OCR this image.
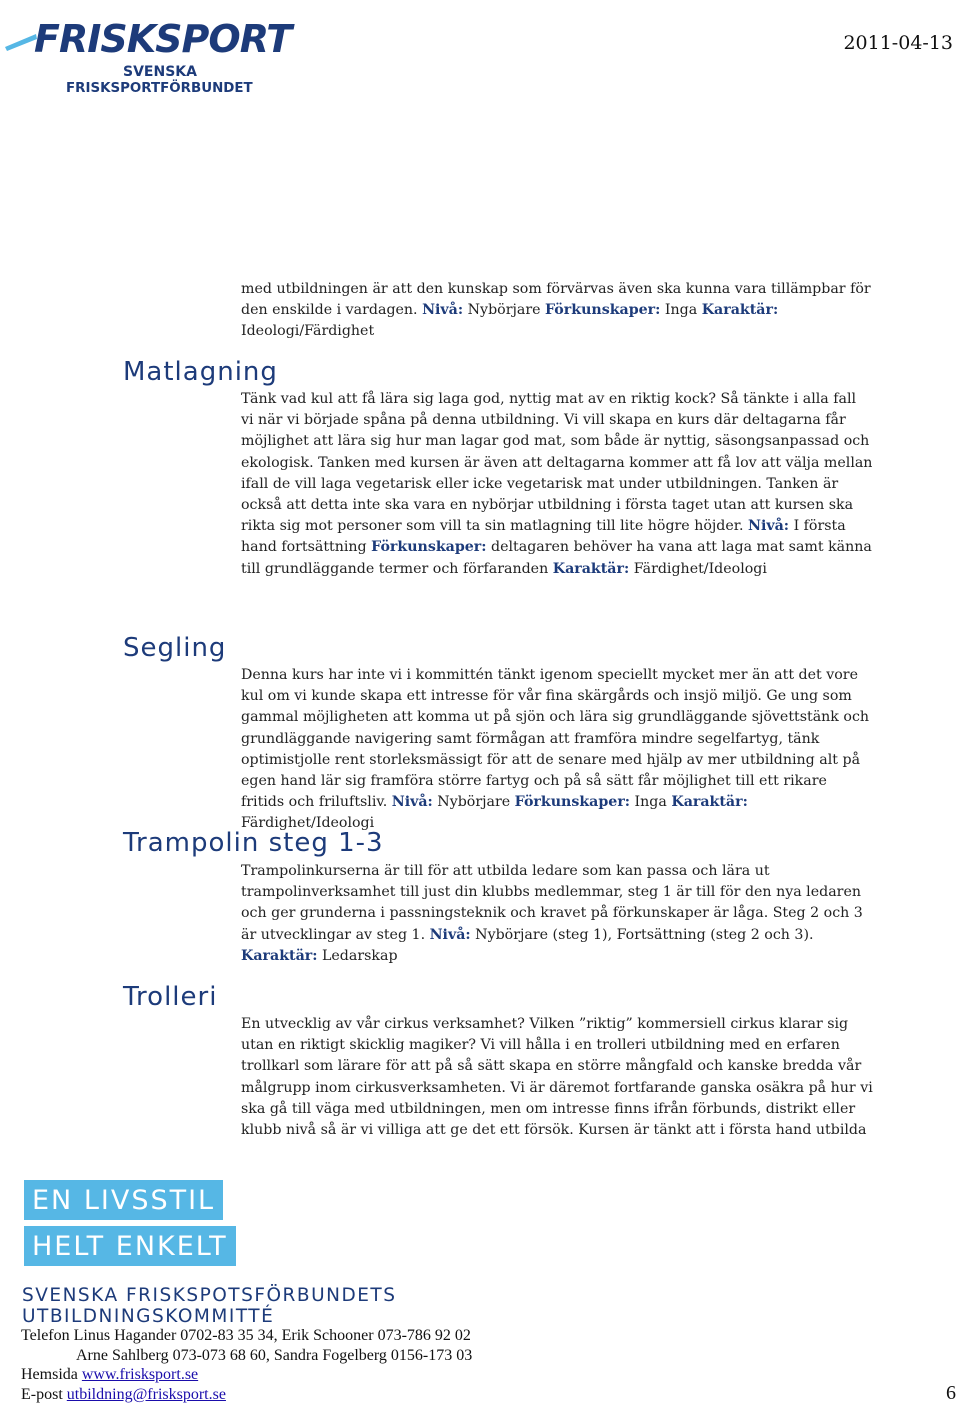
FRISKSPORT
SVENSKA
FRISKSPORTFÖRBUNDET
2011-04-13
med utbildningen är att den kunskap som förvärvas även ska kunna vara tillämpbar för den enskilde i vardagen. Nivå: Nybörjare Förkunskaper: Inga Karaktär: Ideologi/Färdighet
Matlagning
Tänk vad kul att få lära sig laga god, nyttig mat av en riktig kock? Så tänkte i alla fall vi när vi började spåna på denna utbildning. Vi vill skapa en kurs där deltagarna får möjlighet att lära sig hur man lagar god mat, som både är nyttig, säsongsanpassad och ekologisk. Tanken med kursen är även att deltagarna kommer att få lov att välja mellan ifall de vill laga vegetarisk eller icke vegetarisk mat under utbildningen. Tanken är också att detta inte ska vara en nybörjar utbildning i första taget utan att kursen ska rikta sig mot personer som vill ta sin matlagning till lite högre höjder. Nivå: I första hand fortsättning Förkunskaper: deltagaren behöver ha vana att laga mat samt känna till grundläggande termer och förfaranden Karaktär: Färdighet/Ideologi
Segling
Denna kurs har inte vi i kommittén tänkt igenom speciellt mycket mer än att det vore kul om vi kunde skapa ett intresse för vår fina skärgårds och insjö miljö. Ge ung som gammal möjligheten att komma ut på sjön och lära sig grundläggande sjövettstänk och grundläggande navigering samt förmågan att framföra mindre segelfartyg, tänk optimistjolle rent storleksmässigt för att de senare med hjälp av mer utbildning alt på egen hand lär sig framföra större fartyg och på så sätt får möjlighet till ett rikare fritids och friluftsliv. Nivå: Nybörjare Förkunskaper: Inga Karaktär: Färdighet/Ideologi
Trampolin steg 1-3
Trampolinkurserna är till för att utbilda ledare som kan passa och lära ut trampolinverksamhet till just din klubbs medlemmar, steg 1 är till för den nya ledaren och ger grunderna i passningsteknik och kravet på förkunskaper är låga. Steg 2 och 3 är utvecklingar av steg 1. Nivå: Nybörjare (steg 1), Fortsättning (steg 2 och 3). Karaktär: Ledarskap
Trolleri
En utvecklig av vår cirkus verksamhet? Vilken ”riktig” kommersiell cirkus klarar sig utan en riktigt skicklig magiker? Vi vill hålla i en trolleri utbildning med en erfaren trollkarl som lärare för att på så sätt skapa en större mångfald och kanske bredda vår målgrupp inom cirkusverksamheten. Vi är däremot fortfarande ganska osäkra på hur vi ska gå till väga med utbildningen, men om intresse finns ifrån förbunds, distrikt eller klubb nivå så är vi villiga att ge det ett försök. Kursen är tänkt att i första hand utbilda
EN LIVSSTIL
HELT ENKELT
SVENSKA FRISKSPOTSFÖRBUNDETS
UTBILDNINGSKOMMITTÉ
Telefon Linus Hagander 0702-83 35 34, Erik Schooner 073-786 92 02
Arne Sahlberg 073-073 68 60, Sandra Fogelberg 0156-173 03
Hemsida www.frisksport.se
E-post utbildning@frisksport.se	6
